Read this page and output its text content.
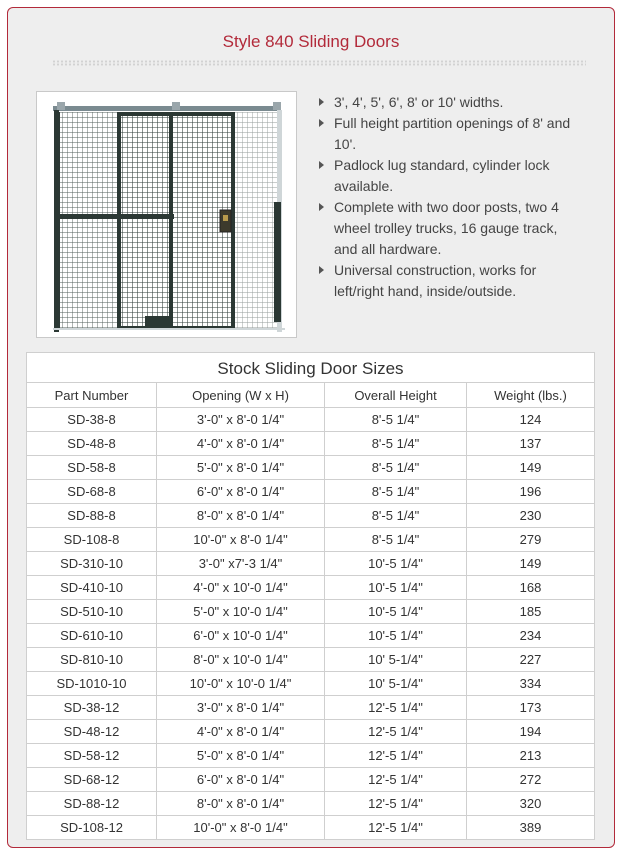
Style 840 Sliding Doors
3', 4', 5', 6', 8' or 10' widths.
Full height partition openings of 8' and 10'.
Padlock lug standard, cylinder lock available.
Complete with two door posts, two 4 wheel trolley trucks, 16 gauge track, and all hardware.
Universal construction, works for left/right hand, inside/outside.
Stock Sliding Door Sizes
Part Number	Opening (W x H)	Overall Height	Weight (lbs.)
SD-38-8	3'-0" x 8'-0 1/4"	8'-5 1/4"	124
SD-48-8	4'-0" x 8'-0 1/4"	8'-5 1/4"	137
SD-58-8	5'-0" x 8'-0 1/4"	8'-5 1/4"	149
SD-68-8	6'-0" x 8'-0 1/4"	8'-5 1/4"	196
SD-88-8	8'-0" x 8'-0 1/4"	8'-5 1/4"	230
SD-108-8	10'-0" x 8'-0 1/4"	8'-5 1/4"	279
SD-310-10	3'-0" x7'-3 1/4"	10'-5 1/4"	149
SD-410-10	4'-0" x 10'-0 1/4"	10'-5 1/4"	168
SD-510-10	5'-0" x 10'-0 1/4"	10'-5 1/4"	185
SD-610-10	6'-0" x 10'-0 1/4"	10'-5 1/4"	234
SD-810-10	8'-0" x 10'-0 1/4"	10' 5-1/4"	227
SD-1010-10	10'-0" x 10'-0 1/4"	10' 5-1/4"	334
SD-38-12	3'-0" x 8'-0 1/4"	12'-5 1/4"	173
SD-48-12	4'-0" x 8'-0 1/4"	12'-5 1/4"	194
SD-58-12	5'-0" x 8'-0 1/4"	12'-5 1/4"	213
SD-68-12	6'-0" x 8'-0 1/4"	12'-5 1/4"	272
SD-88-12	8'-0" x 8'-0 1/4"	12'-5 1/4"	320
SD-108-12	10'-0" x 8'-0 1/4"	12'-5 1/4"	389
